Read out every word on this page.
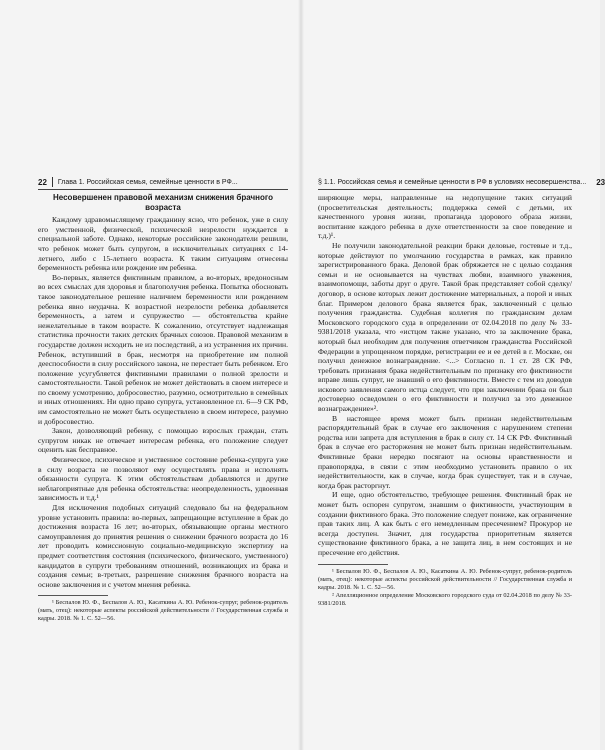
22 Глава 1. Российская семья, семейные ценности в РФ...
Несовершенен правовой механизм снижения брачного возраста

Каждому здравомыслящему гражданину ясно, что ребенок, уже в силу его умственной, физической, психической незрелости нуждается в специальной заботе. Однако, некоторые российские законодатели решили, что ребенок может быть супругом, в исключительных ситуациях с 14-летнего, либо с 15-летнего возраста. К таким ситуациям отнесены беременность ребенка или рождение им ребенка.

Во-первых, является фиктивным правилом, а во-вторых, вредоносным во всех смыслах для здоровья и благополучия ребенка. Попытка обосновать такое законодательное решение наличием беременности или рождением ребенка явно неудачна. К возрастной незрелости ребенка добавляется беременность, а затем и супружество — обстоятельства крайне нежелательные в таком возрасте. К сожалению, отсутствует надлежащая статистика прочности таких детских брачных союзов. Правовой механизм в государстве должен исходить не из последствий, а из устранения их причин. Ребенок, вступивший в брак, несмотря на приобретение им полной дееспособности в силу российского закона, не перестает быть ребенком. Его положение усугубляется фиктивными правилами о полной зрелости и самостоятельности. Такой ребенок не может действовать в своем интересе и по своему усмотрению, добросовестно, разумно, осмотрительно в семейных и иных отношениях. Ни одно право супруга, установленное гл. 6—9 СК РФ, им самостоятельно не может быть осуществлено в своем интересе, разумно и добросовестно.

Закон, дозволяющий ребенку, с помощью взрослых граждан, стать супругом никак не отвечает интересам ребенка, его положение следует оценить как бесправное.

Физическое, психическое и умственное состояние ребенка-супруга уже в силу возраста не позволяют ему осуществлять права и исполнять обязанности супруга. К этим обстоятельствам добавляются и другие неблагоприятные для ребенка обстоятельства: неопределенность, удвоенная зависимость и т.д.¹

Для исключения подобных ситуаций следовало бы на федеральном уровне установить правила: во-первых, запрещающие вступление в брак до достижения возраста 16 лет; во-вторых, обязывающие органы местного самоуправления до принятия решения о снижении брачного возраста до 16 лет проводить комиссионную социально-медицинскую экспертизу на предмет соответствия состояния (психического, физического, умственного) кандидатов в супруги требованиям отношений, возникающих из брака и создания семьи; в-третьих, разрешение снижения брачного возраста на основе заключения и с учетом мнения ребенка.

¹ Беспалов Ю. Ф., Беспалов А. Ю., Касаткина А. Ю. Ребенок-супруг, ребенок-родитель (мать, отец): некоторые аспекты российской действительности // Государственная служба и кадры. 2018. № 1. С. 52—56.

§ 1.1. Российская семья и семейные ценности в РФ в условиях несовершенства... 23

ширяющие меры, направленные на недопущение таких ситуаций (просветительская деятельность; поддержка семей с детьми, их качественного уровня жизни, пропаганда здорового образа жизни, воспитание каждого ребенка в духе ответственности за свое поведение и т.д.)¹.

Не получили законодательной реакции браки деловые, гостевые и т.д., которые действуют по умолчанию государства в рамках, как правило зарегистрированного брака. Деловой брак обряжается не с целью создания семьи и не основывается на чувствах любви, взаимного уважения, взаимопомощи, заботы друг о друге. Такой брак представляет собой сделку/договор, в основе которых лежит достижение материальных, а порой и иных благ. Примером делового брака является брак, заключенный с целью получения гражданства. Судебная коллегия по гражданским делам Московского городского суда в определении от 02.04.2018 по делу № 33-9381/2018 указала, что «истцом также указано, что за заключение брака, который был необходим для получения ответчиком гражданства Российской Федерации в упрощенном порядке, регистрации ее и ее детей в г. Москве, он получил денежное вознаграждение. <...> Согласно п. 1 ст. 28 СК РФ, требовать признания брака недействительным по признаку его фиктивности вправе лишь супруг, не знавший о его фиктивности. Вместе с тем из доводов искового заявления самого истца следует, что при заключении брака он был достоверно осведомлен о его фиктивности и получил за это денежное вознаграждение»².

В настоящее время может быть признан недействительным распорядительный брак в случае его заключения с нарушением степени родства или запрета для вступления в брак в силу ст. 14 СК РФ. Фиктивный брак в случае его расторжения не может быть признан недействительным. Фиктивные браки нередко посягают на основы нравственности и правопорядка, в связи с этим необходимо установить правило о их недействительности, как в случае, когда брак существует, так и в случае, когда брак расторгнут.

И еще, одно обстоятельство, требующее решения. Фиктивный брак не может быть оспорен супругом, знавшим о фиктивности, участвующим в создании фиктивного брака. Это положение следует пониже, как ограничение прав таких лиц. А как быть с его немедленным пресечением? Прокурор не всегда доступен. Значит, для государства приоритетным является существование фиктивного брака, а не защита лиц, в нем состоящих и не пресечение его действия.

¹ Беспалов Ю. Ф., Беспалов А. Ю., Касаткина А. Ю. Ребенок-супруг, ребенок-родитель (мать, отец): некоторые аспекты российской действительности // Государственная служба и кадры. 2018. № 1. С. 52—56.

² Апелляционное определение Московского городского суда от 02.04.2018 по делу № 33-9381/2018.
